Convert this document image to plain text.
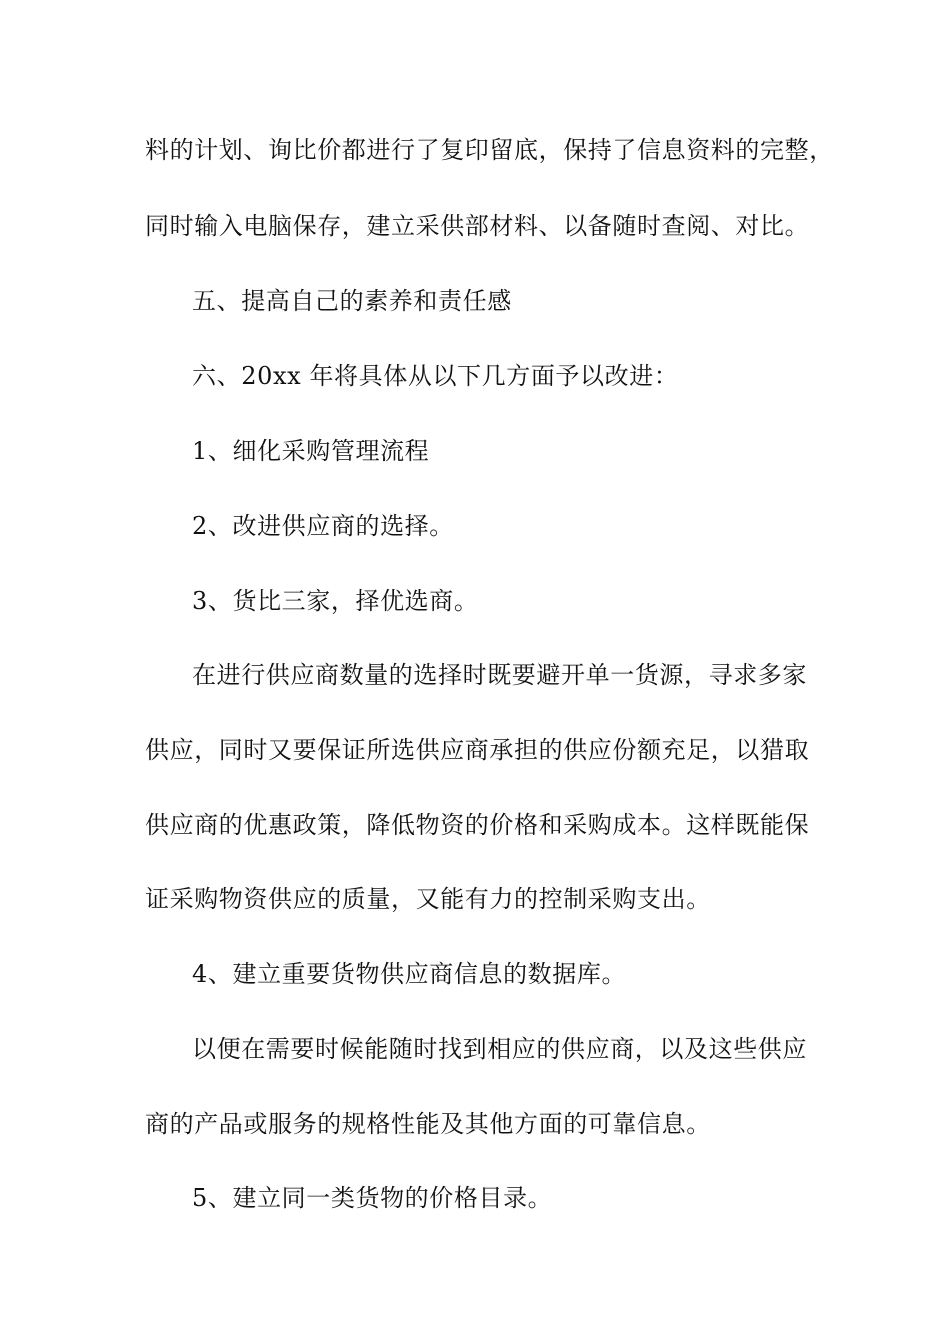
料的计划、询比价都进行了复印留底，保持了信息资料的完整，
同时输入电脑保存，建立采供部材料、以备随时查阅、对比。
五、提高自己的素养和责任感
六、20xx 年将具体从以下几方面予以改进：
1、细化采购管理流程
2、改进供应商的选择。
3、货比三家，择优选商。
在进行供应商数量的选择时既要避开单一货源，寻求多家
供应，同时又要保证所选供应商承担的供应份额充足，以猎取
供应商的优惠政策，降低物资的价格和采购成本。这样既能保
证采购物资供应的质量，又能有力的控制采购支出。
4、建立重要货物供应商信息的数据库。
以便在需要时候能随时找到相应的供应商，以及这些供应
商的产品或服务的规格性能及其他方面的可靠信息。
5、建立同一类货物的价格目录。
